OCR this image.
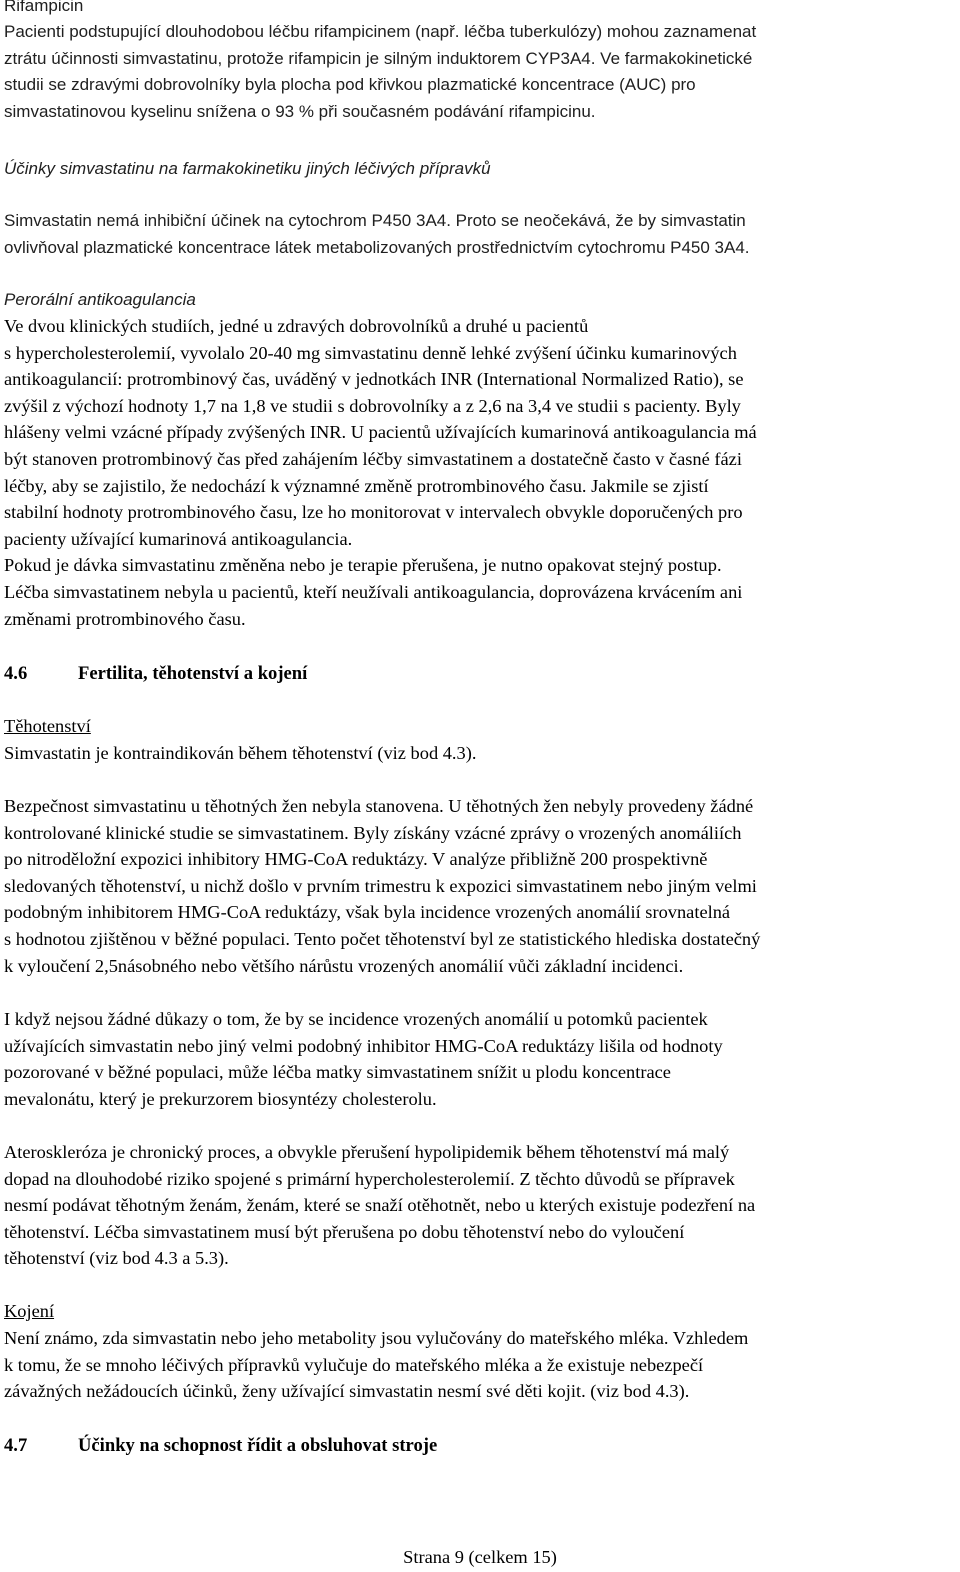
Rifampicin
Pacienti podstupující dlouhodobou léčbu rifampicinem (např. léčba tuberkulózy) mohou zaznamenat
ztrátu účinnosti simvastatinu, protože rifampicin je silným induktorem CYP3A4. Ve farmakokinetické
studii se zdravými dobrovolníky byla plocha pod křivkou plazmatické koncentrace (AUC) pro
simvastatinovou kyselinu snížena o 93 % při současném podávání rifampicinu.
Účinky simvastatinu na farmakokinetiku jiných léčivých přípravků
Simvastatin nemá inhibiční účinek na cytochrom P450 3A4. Proto se neočekává, že by simvastatin
ovlivňoval plazmatické koncentrace látek metabolizovaných prostřednictvím cytochromu P450 3A4.
Perorální antikoagulancia
Ve dvou klinických studiích, jedné u zdravých dobrovolníků a druhé u pacientů
s hypercholesterolemií, vyvolalo 20-40 mg simvastatinu denně lehké zvýšení účinku kumarinových
antikoagulancií: protrombinový čas, uváděný v jednotkách INR (International Normalized Ratio), se
zvýšil z výchozí hodnoty 1,7 na 1,8 ve studii s dobrovolníky a z 2,6 na 3,4 ve studii s pacienty. Byly
hlášeny velmi vzácné případy zvýšených INR. U pacientů užívajících kumarinová antikoagulancia má
být stanoven protrombinový čas před zahájením léčby simvastatinem a dostatečně často v časné fázi
léčby, aby se zajistilo, že nedochází k významné změně protrombinového času. Jakmile se zjistí
stabilní hodnoty protrombinového času, lze ho monitorovat v intervalech obvykle doporučených pro
pacienty užívající kumarinová antikoagulancia.
Pokud je dávka simvastatinu změněna nebo je terapie přerušena, je nutno opakovat stejný postup.
Léčba simvastatinem nebyla u pacientů, kteří neužívali antikoagulancia, doprovázena krvácením ani
změnami protrombinového času.
4.6	Fertilita, těhotenství a kojení
Těhotenství
Simvastatin je kontraindikován během těhotenství (viz bod 4.3).
Bezpečnost simvastatinu u těhotných žen nebyla stanovena. U těhotných žen nebyly provedeny žádné
kontrolované klinické studie se simvastatinem. Byly získány vzácné zprávy o vrozených anomáliích
po nitroděložní expozici inhibitory HMG-CoA reduktázy. V analýze přibližně 200 prospektivně
sledovaných těhotenství, u nichž došlo v prvním trimestru k expozici simvastatinem nebo jiným velmi
podobným inhibitorem HMG-CoA reduktázy, však byla incidence vrozených anomálií srovnatelná
s hodnotou zjištěnou v běžné populaci. Tento počet těhotenství byl ze statistického hlediska dostatečný
k vyloučení 2,5násobného nebo většího nárůstu vrozených anomálií vůči základní incidenci.
I když nejsou žádné důkazy o tom, že by se incidence vrozených anomálií u potomků pacientek
užívajících simvastatin nebo jiný velmi podobný inhibitor HMG-CoA reduktázy lišila od hodnoty
pozorované v běžné populaci, může léčba matky simvastatinem snížit u plodu koncentrace
mevalonátu, který je prekurzorem biosyntézy cholesterolu.
Ateroskleróza je chronický proces, a obvykle přerušení hypolipidemik během těhotenství má malý
dopad na dlouhodobé riziko spojené s primární hypercholesterolemií. Z těchto důvodů se přípravek
nesmí podávat těhotným ženám, ženám, které se snaží otěhotnět, nebo u kterých existuje podezření na
těhotenství. Léčba simvastatinem musí být přerušena po dobu těhotenství nebo do vyloučení
těhotenství (viz bod 4.3 a 5.3).
Kojení
Není známo, zda simvastatin nebo jeho metabolity jsou vylučovány do mateřského mléka. Vzhledem
k tomu, že se mnoho léčivých přípravků vylučuje do mateřského mléka a že existuje nebezpečí
závažných nežádoucích účinků, ženy užívající simvastatin nesmí své děti kojit. (viz bod 4.3).
4.7	Účinky na schopnost řídit a obsluhovat stroje
Strana 9 (celkem 15)
